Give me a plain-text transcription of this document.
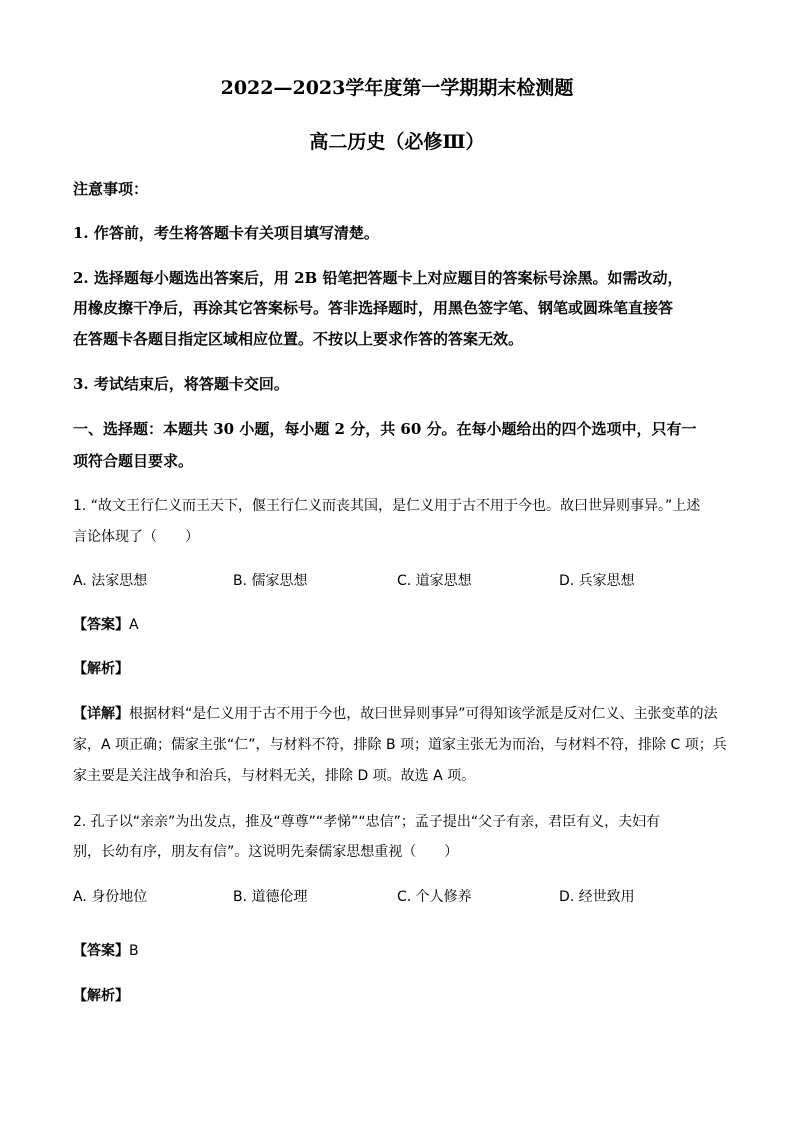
2022—2023学年度第一学期期末检测题
高二历史（必修Ⅲ）
注意事项：
1. 作答前，考生将答题卡有关项目填写清楚。
2. 选择题每小题选出答案后，用 2B 铅笔把答题卡上对应题目的答案标号涂黑。如需改动，
用橡皮擦干净后，再涂其它答案标号。答非选择题时，用黑色签字笔、钢笔或圆珠笔直接答
在答题卡各题目指定区域相应位置。不按以上要求作答的答案无效。
3. 考试结束后，将答题卡交回。
一、选择题：本题共 30 小题，每小题 2 分，共 60 分。在每小题给出的四个选项中，只有一
项符合题目要求。
1. “故文王行仁义而王天下，偃王行仁义而丧其国，是仁义用于古不用于今也。故曰世异则事异。”上述
言论体现了（　　）
A. 法家思想	B. 儒家思想	C. 道家思想	D. 兵家思想
【答案】A
【解析】
【详解】根据材料“是仁义用于古不用于今也，故曰世异则事异”可得知该学派是反对仁义、主张变革的法
家，A 项正确；儒家主张“仁”，与材料不符，排除 B 项；道家主张无为而治，与材料不符，排除 C 项；兵
家主要是关注战争和治兵，与材料无关，排除 D 项。故选 A 项。
2. 孔子以“亲亲”为出发点，推及“尊尊”“孝悌”“忠信”；孟子提出“父子有亲，君臣有义，夫妇有
别，长幼有序，朋友有信”。这说明先秦儒家思想重视（　　）
A. 身份地位	B. 道德伦理	C. 个人修养	D. 经世致用
【答案】B
【解析】
